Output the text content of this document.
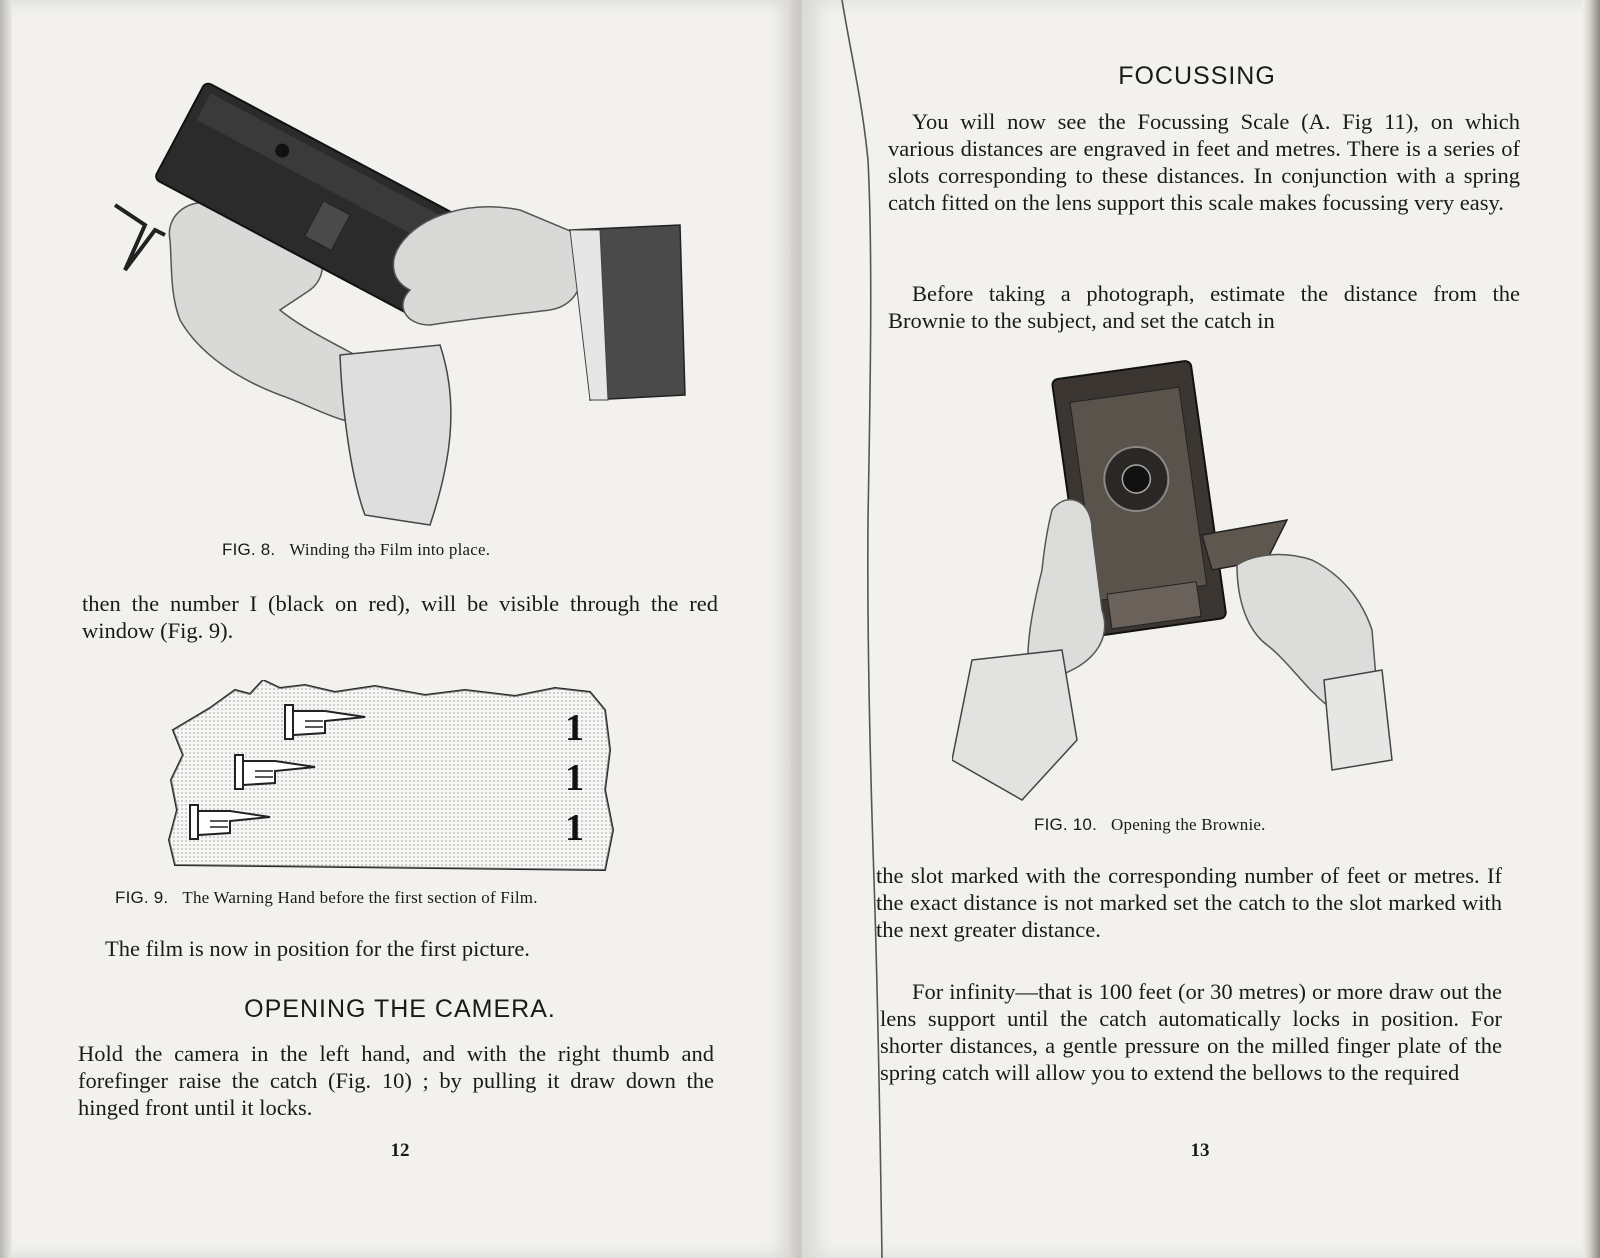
FIG. 8. Winding thə Film into place.

then the number I (black on red), will be visible through the red window (Fig. 9).

1
1
1
FIG. 9. The Warning Hand before the first section of Film.

The film is now in position for the first picture.

OPENING THE CAMERA.

Hold the camera in the left hand, and with the right thumb and forefinger raise the catch (Fig. 10) ; by pulling it draw down the hinged front until it locks.

12
FOCUSSING

You will now see the Focussing Scale (A. Fig 11), on which various distances are engraved in feet and metres. There is a series of slots corresponding to these distances. In conjunction with a spring catch fitted on the lens support this scale makes focussing very easy.

Before taking a photograph, estimate the distance from the Brownie to the subject, and set the catch in

FIG. 10. Opening the Brownie.

the slot marked with the corresponding number of feet or metres. If the exact distance is not marked set the catch to the slot marked with the next greater distance.

For infinity—that is 100 feet (or 30 metres) or more draw out the lens support until the catch automatically locks in position. For shorter distances, a gentle pressure on the milled finger plate of the spring catch will allow you to extend the bellows to the required

13
